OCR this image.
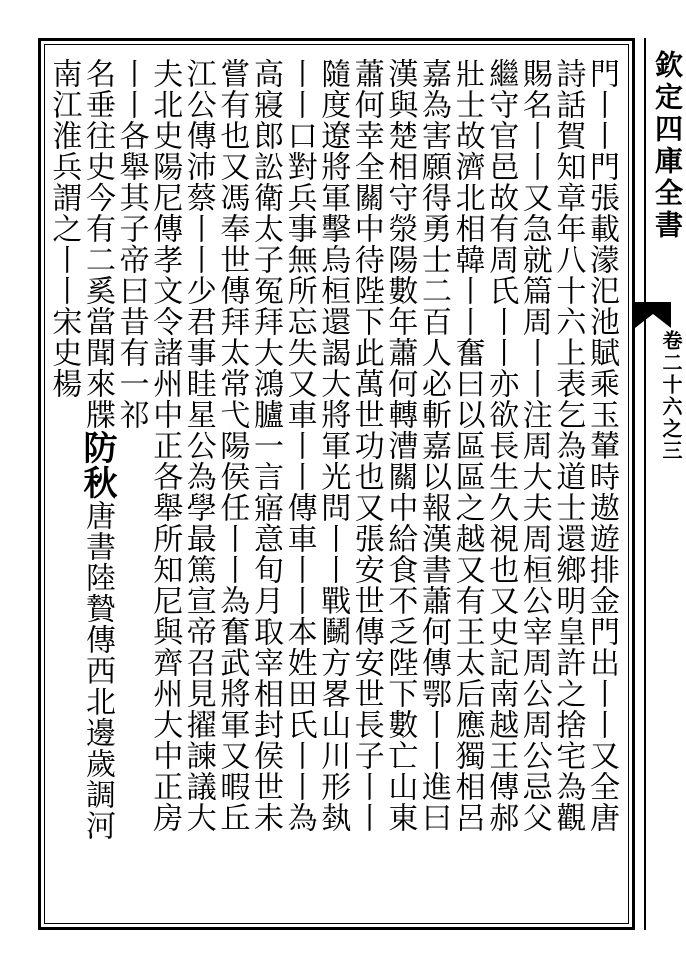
欽定四庫全書
卷二十六之三
門丨丨門張載濛汜池賦乘玉輦時遨遊排金門出丨丨又全唐
詩話賀知章年八十六上表乞為道士還鄉明皇許之捨宅為觀
賜名丨丨又急就篇周丨丨注周大夫周桓公宰周公周公忌父
繼守官邑故有周氏丨丨亦欲長生久視也又史記南越王傳郝
壯士故濟北相韓丨丨奮曰以區區之越又有王太后應獨相呂
嘉為害願得勇士二百人必斬嘉以報漢書蕭何傳鄂丨丨進曰
漢與楚相守滎陽數年蕭何轉漕關中給食不乏陛下數亡山東
蕭何幸全關中待陛下此萬世功也又張安世傳安世長子丨丨
隨度遼將軍擊烏桓還謁大將軍光問丨丨戰鬭方畧山川形埶
丨丨口對兵事無所忘失又車丨丨傳車丨丨本姓田氏丨丨為
高寢郎訟衛太子冤拜大鴻臚一言寤意旬月取宰相封侯世未
嘗有也又馮奉世傳拜太常弋陽侯任丨丨為奮武將軍又暇丘
江公傳沛蔡丨丨少君事眭星公為學最篤宣帝召見擢諫議大
夫北史陽尼傳孝文令諸州中正各舉所知尼與齊州大中正房
丨丨各舉其子帝曰昔有一祁
名垂往史今有二奚當聞來牒防秋唐書陸贄傳西北邊歲調河
南江淮兵謂之丨丨宋史楊
